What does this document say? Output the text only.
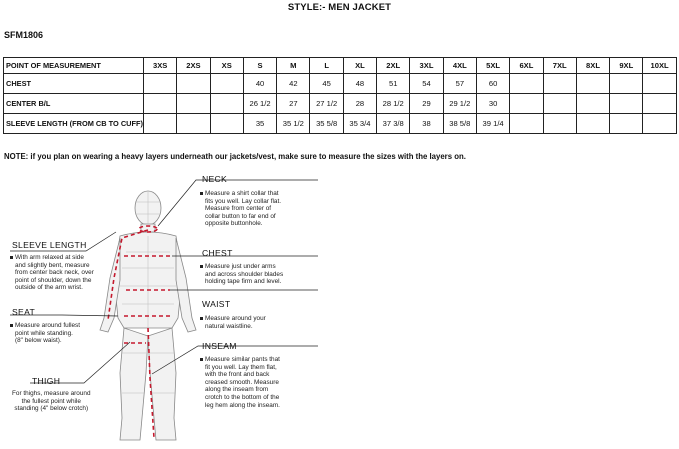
STYLE:- MEN JACKET
SFM1806
POINT OF MEASUREMENT	3XS	2XS	XS	S	M	L	XL	2XL	3XL	4XL	5XL	6XL	7XL	8XL	9XL	10XL
CHEST				40	42	45	48	51	54	57	60					
CENTER B/L				26 1/2	27	27 1/2	28	28 1/2	29	29 1/2	30					
SLEEVE LENGTH (FROM CB TO CUFF)				35	35 1/2	35 5/8	35 3/4	37 3/8	38	38 5/8	39 1/4					
NOTE: if you plan on wearing a heavy layers underneath our jackets/vest, make sure to measure the sizes with the layers on.
NECK
Measure a shirt collar that
fits you well. Lay collar flat.
Measure from center of
collar button to far end of
opposite buttonhole.
SLEEVE LENGTH
With arm relaxed at side
and slightly bent, measure
from center back neck, over
point of shoulder, down the
outside of the arm wrist.
CHEST
Measure just under arms
and across shoulder blades
holding tape firm and level.
WAIST
Measure around your
natural waistline.
SEAT
Measure around fullest
point while standing.
(8" below waist).
INSEAM
Measure similar pants that
fit you well. Lay them flat,
with the front and back
creased smooth. Measure
along the inseam from
crotch to the bottom of the
leg hem along the inseam.
THIGH
For thighs, measure around
the fullest point while
standing (4" below crotch)
